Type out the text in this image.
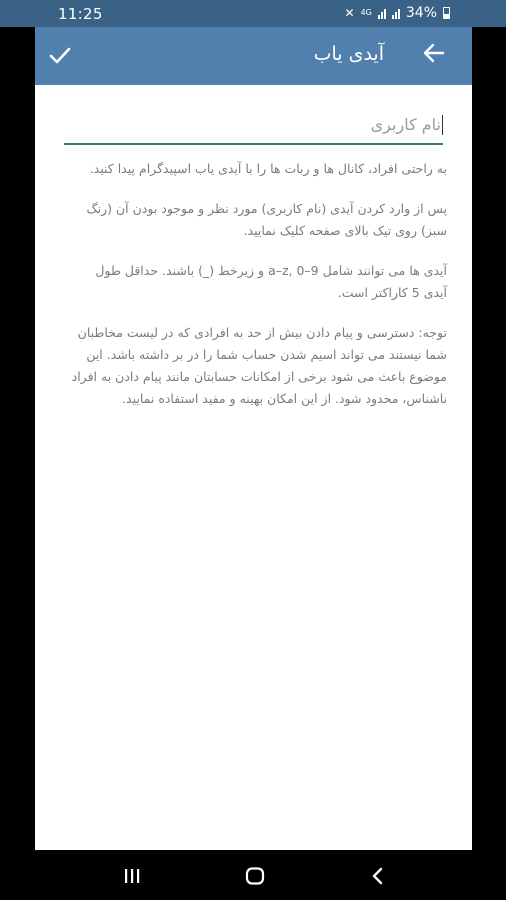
11:25	✕ 4G 34%
آیدی یاب
نام کاربری

به راحتی افراد، کانال ها و ربات ها را با آیدی یاب اسپیدگرام پیدا کنید.

پس از وارد کردن آیدی (نام کاربری) مورد نظر و موجود بودن آن (رنگ سبز) روی تیک بالای صفحه کلیک نمایید.

آیدی ها می توانند شامل a–z, 0–9 و زیرخط (_) باشند. حداقل طول آیدی 5 کاراکتر است.

توجه: دسترسی و پیام دادن بیش از حد به افرادی که در لیست مخاطبان شما نیستند می تواند اسیم شدن حساب شما را در بر داشته باشد. این موضوع باعث می شود برخی از امکانات حسابتان مانند پیام دادن به افراد ناشناس، محدود شود. از این امکان بهینه و مفید استفاده نمایید.
